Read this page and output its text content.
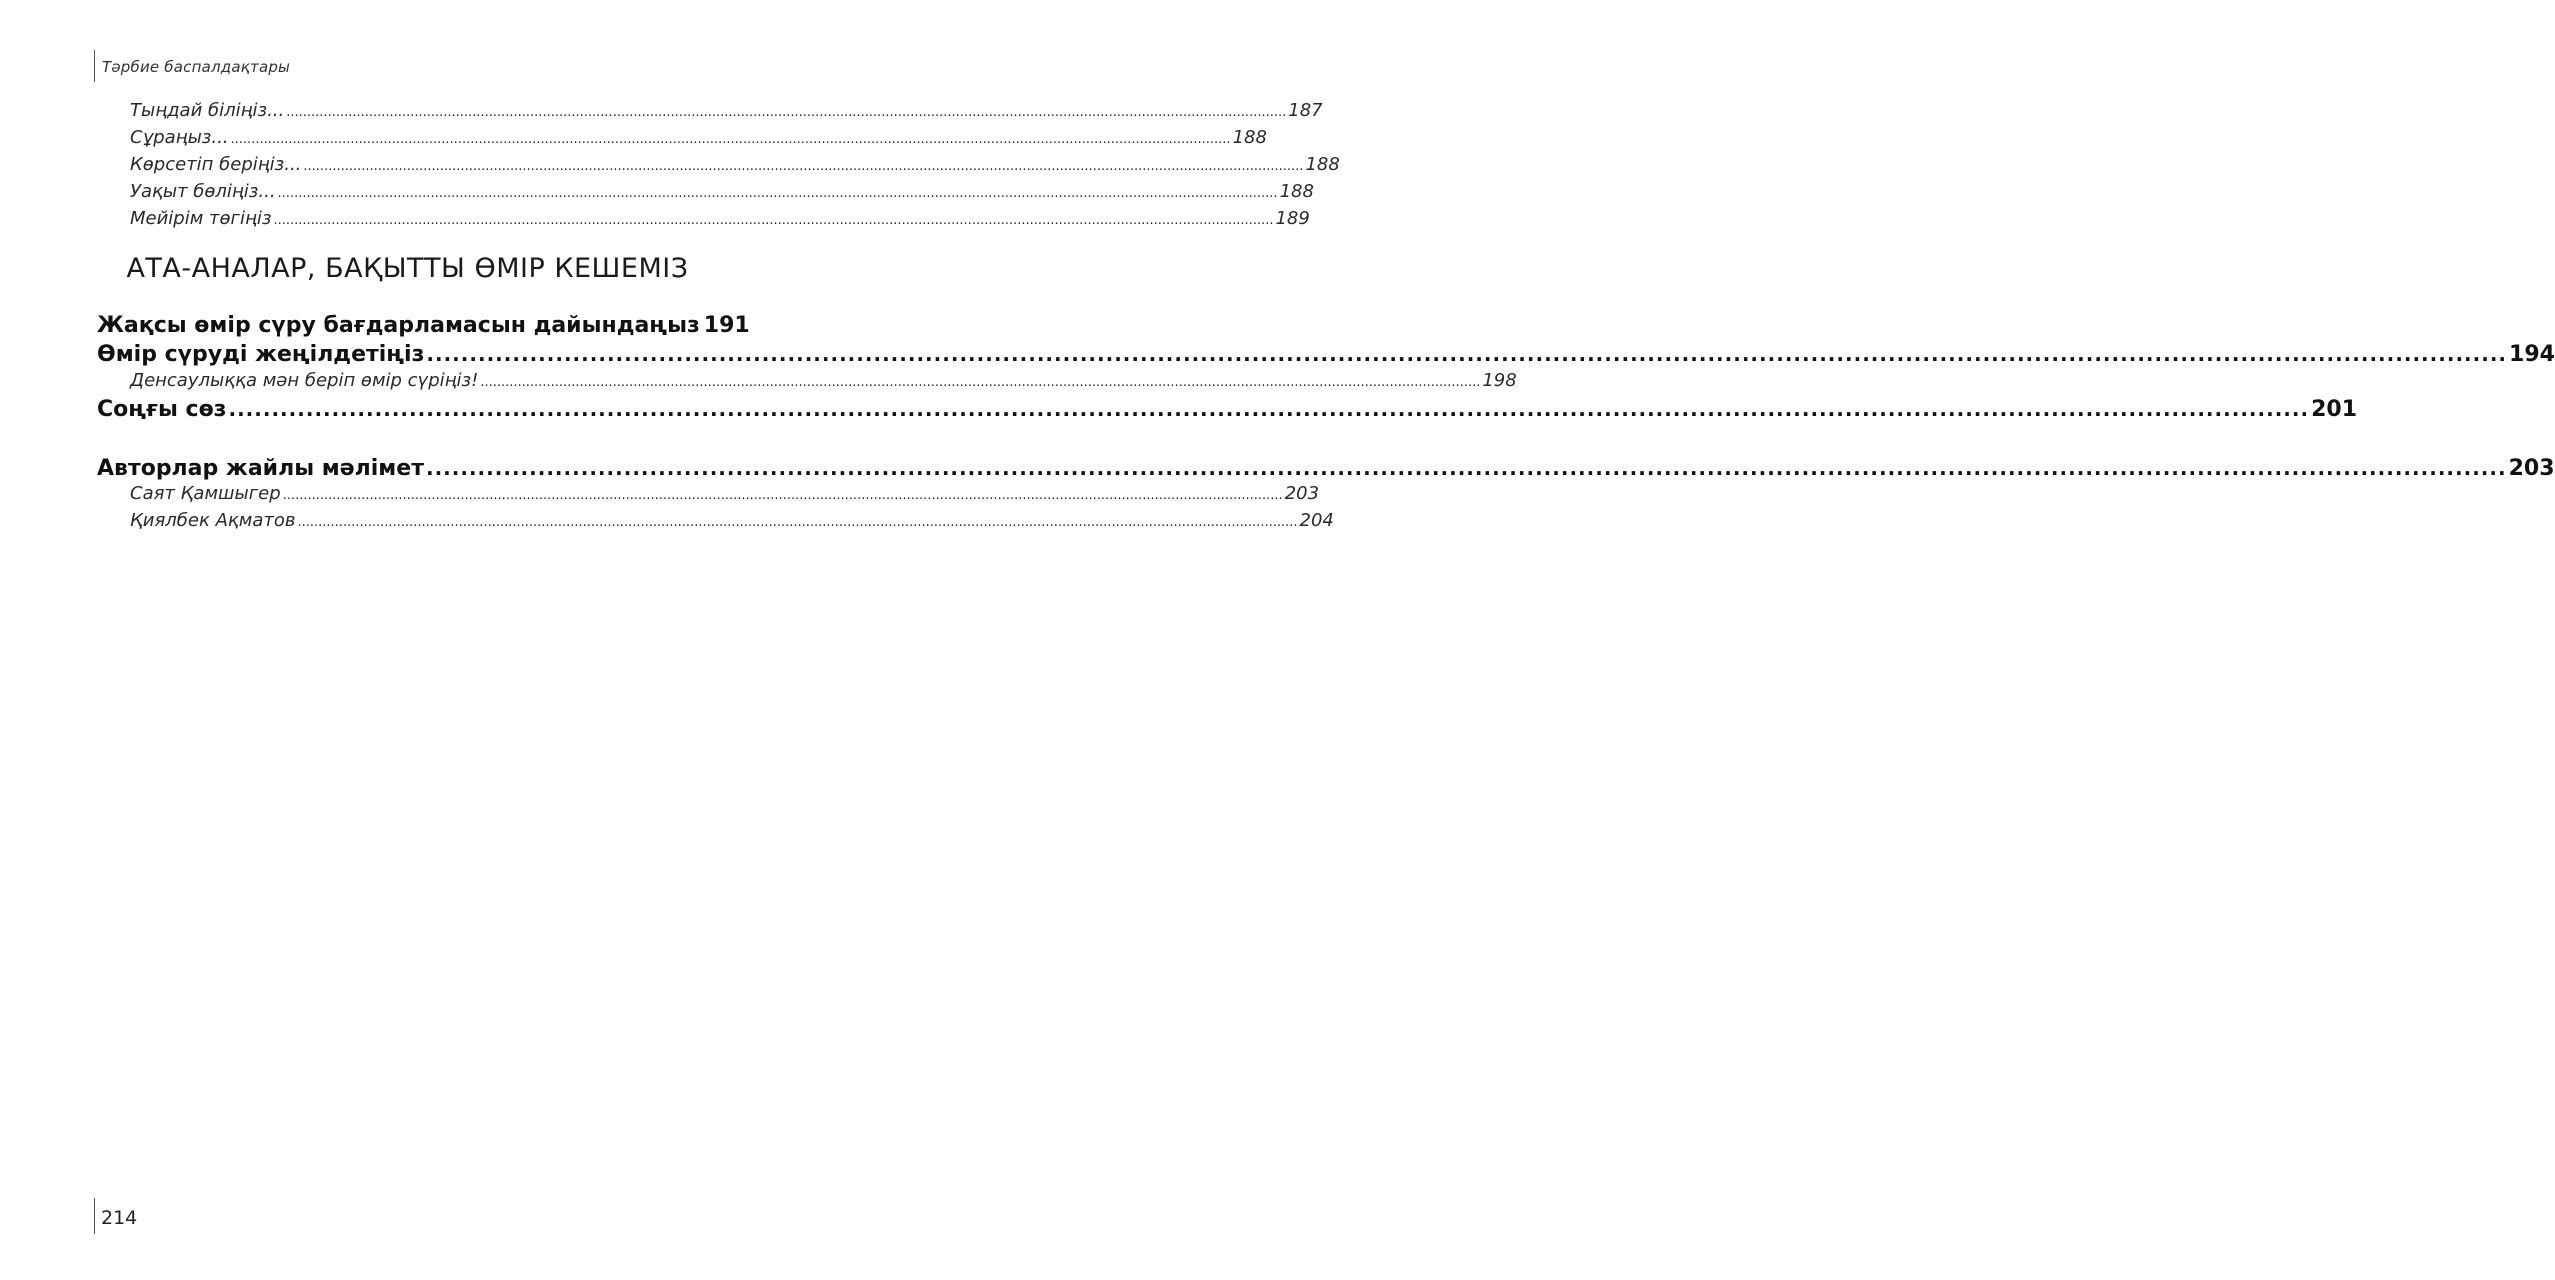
Тәрбие баспалдақтары
Тыңдай біліңіз... .....	187
Сұраңыз... .....	188
Көрсетіп беріңіз... .....	188
Уақыт бөліңіз... .....	188
Мейірім төгіңіз .....	189
АТА-АНАЛАР, БАҚЫТТЫ ӨМІР КЕШЕМІЗ
Жақсы өмір сүру бағдарламасын дайындаңыз 191
Өмір сүруді жеңілдетіңіз .....	194
Денсаулыққа мән беріп өмір сүріңіз! .....	198
Соңғы сөз .....	201
Авторлар жайлы мәлімет .....	203
Саят Қамшыгер .....	203
Қиялбек Ақматов .....	204
214
